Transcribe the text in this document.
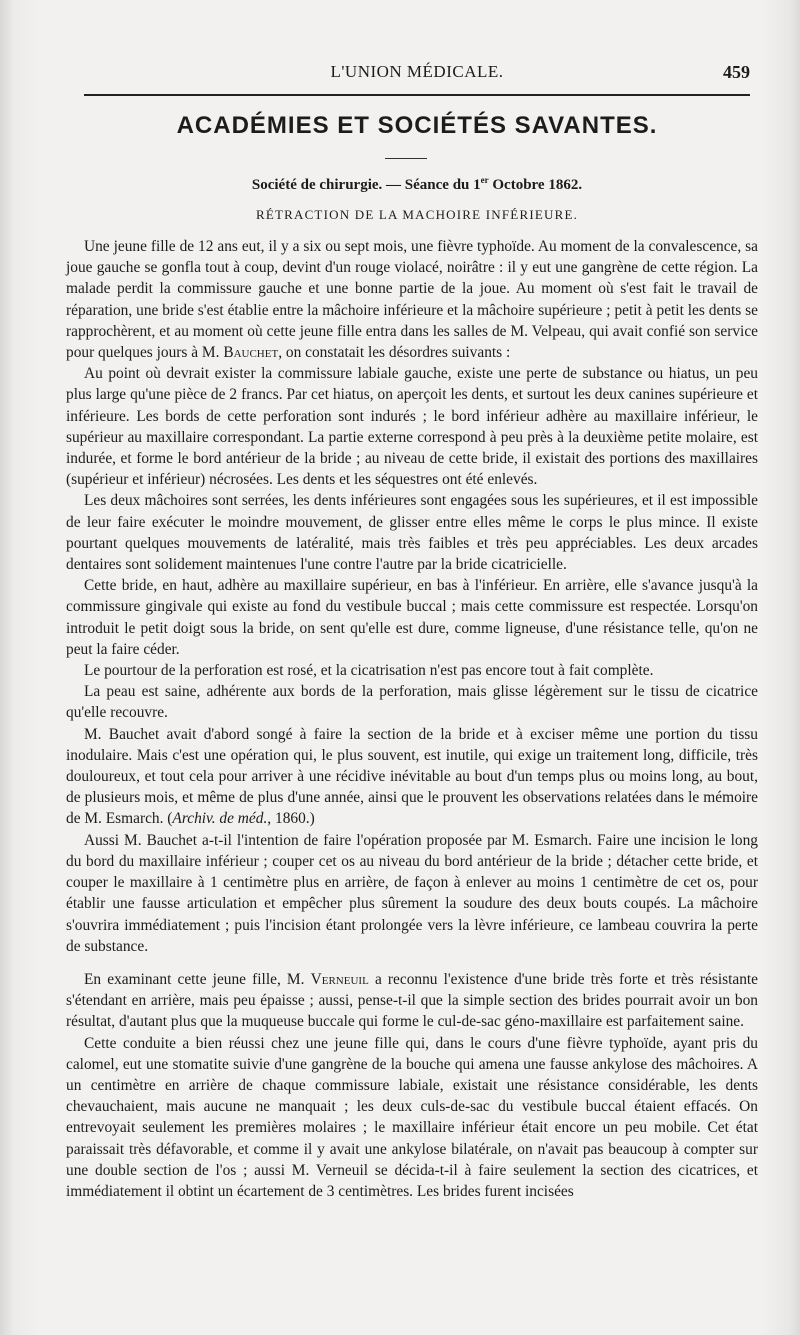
L'UNION MÉDICALE.	459
ACADÉMIES ET SOCIÉTÉS SAVANTES.
Société de chirurgie. — Séance du 1er Octobre 1862.
RÉTRACTION DE LA MACHOIRE INFÉRIEURE.

Une jeune fille de 12 ans eut, il y a six ou sept mois, une fièvre typhoïde. Au moment de la convalescence, sa joue gauche se gonfla tout à coup, devint d'un rouge violacé, noirâtre : il y eut une gangrène de cette région. La malade perdit la commissure gauche et une bonne partie de la joue. Au moment où s'est fait le travail de réparation, une bride s'est établie entre la mâchoire inférieure et la mâchoire supérieure ; petit à petit les dents se rapprochèrent, et au moment où cette jeune fille entra dans les salles de M. Velpeau, qui avait confié son service pour quelques jours à M. Bauchet, on constatait les désordres suivants :

Au point où devrait exister la commissure labiale gauche, existe une perte de substance ou hiatus, un peu plus large qu'une pièce de 2 francs. Par cet hiatus, on aperçoit les dents, et surtout les deux canines supérieure et inférieure. Les bords de cette perforation sont indurés ; le bord inférieur adhère au maxillaire inférieur, le supérieur au maxillaire correspondant. La partie externe correspond à peu près à la deuxième petite molaire, est indurée, et forme le bord antérieur de la bride ; au niveau de cette bride, il existait des portions des maxillaires (supérieur et inférieur) nécrosées. Les dents et les séquestres ont été enlevés.

Les deux mâchoires sont serrées, les dents inférieures sont engagées sous les supérieures, et il est impossible de leur faire exécuter le moindre mouvement, de glisser entre elles même le corps le plus mince. Il existe pourtant quelques mouvements de latéralité, mais très faibles et très peu appréciables. Les deux arcades dentaires sont solidement maintenues l'une contre l'autre par la bride cicatricielle.

Cette bride, en haut, adhère au maxillaire supérieur, en bas à l'inférieur. En arrière, elle s'avance jusqu'à la commissure gingivale qui existe au fond du vestibule buccal ; mais cette commissure est respectée. Lorsqu'on introduit le petit doigt sous la bride, on sent qu'elle est dure, comme ligneuse, d'une résistance telle, qu'on ne peut la faire céder.

Le pourtour de la perforation est rosé, et la cicatrisation n'est pas encore tout à fait complète.

La peau est saine, adhérente aux bords de la perforation, mais glisse légèrement sur le tissu de cicatrice qu'elle recouvre.

M. Bauchet avait d'abord songé à faire la section de la bride et à exciser même une portion du tissu inodulaire. Mais c'est une opération qui, le plus souvent, est inutile, qui exige un traitement long, difficile, très douloureux, et tout cela pour arriver à une récidive inévitable au bout d'un temps plus ou moins long, au bout, de plusieurs mois, et même de plus d'une année, ainsi que le prouvent les observations relatées dans le mémoire de M. Esmarch. (Archiv. de méd., 1860.)

Aussi M. Bauchet a-t-il l'intention de faire l'opération proposée par M. Esmarch. Faire une incision le long du bord du maxillaire inférieur ; couper cet os au niveau du bord antérieur de la bride ; détacher cette bride, et couper le maxillaire à 1 centimètre plus en arrière, de façon à enlever au moins 1 centimètre de cet os, pour établir une fausse articulation et empêcher plus sûrement la soudure des deux bouts coupés. La mâchoire s'ouvrira immédiatement ; puis l'incision étant prolongée vers la lèvre inférieure, ce lambeau couvrira la perte de substance.

En examinant cette jeune fille, M. Verneuil a reconnu l'existence d'une bride très forte et très résistante s'étendant en arrière, mais peu épaisse ; aussi, pense-t-il que la simple section des brides pourrait avoir un bon résultat, d'autant plus que la muqueuse buccale qui forme le cul-de-sac géno-maxillaire est parfaitement saine.

Cette conduite a bien réussi chez une jeune fille qui, dans le cours d'une fièvre typhoïde, ayant pris du calomel, eut une stomatite suivie d'une gangrène de la bouche qui amena une fausse ankylose des mâchoires. A un centimètre en arrière de chaque commissure labiale, existait une résistance considérable, les dents chevauchaient, mais aucune ne manquait ; les deux culs-de-sac du vestibule buccal étaient effacés. On entrevoyait seulement les premières molaires ; le maxillaire inférieur était encore un peu mobile. Cet état paraissait très défavorable, et comme il y avait une ankylose bilatérale, on n'avait pas beaucoup à compter sur une double section de l'os ; aussi M. Verneuil se décida-t-il à faire seulement la section des cicatrices, et immédiatement il obtint un écartement de 3 centimètres. Les brides furent incisées
